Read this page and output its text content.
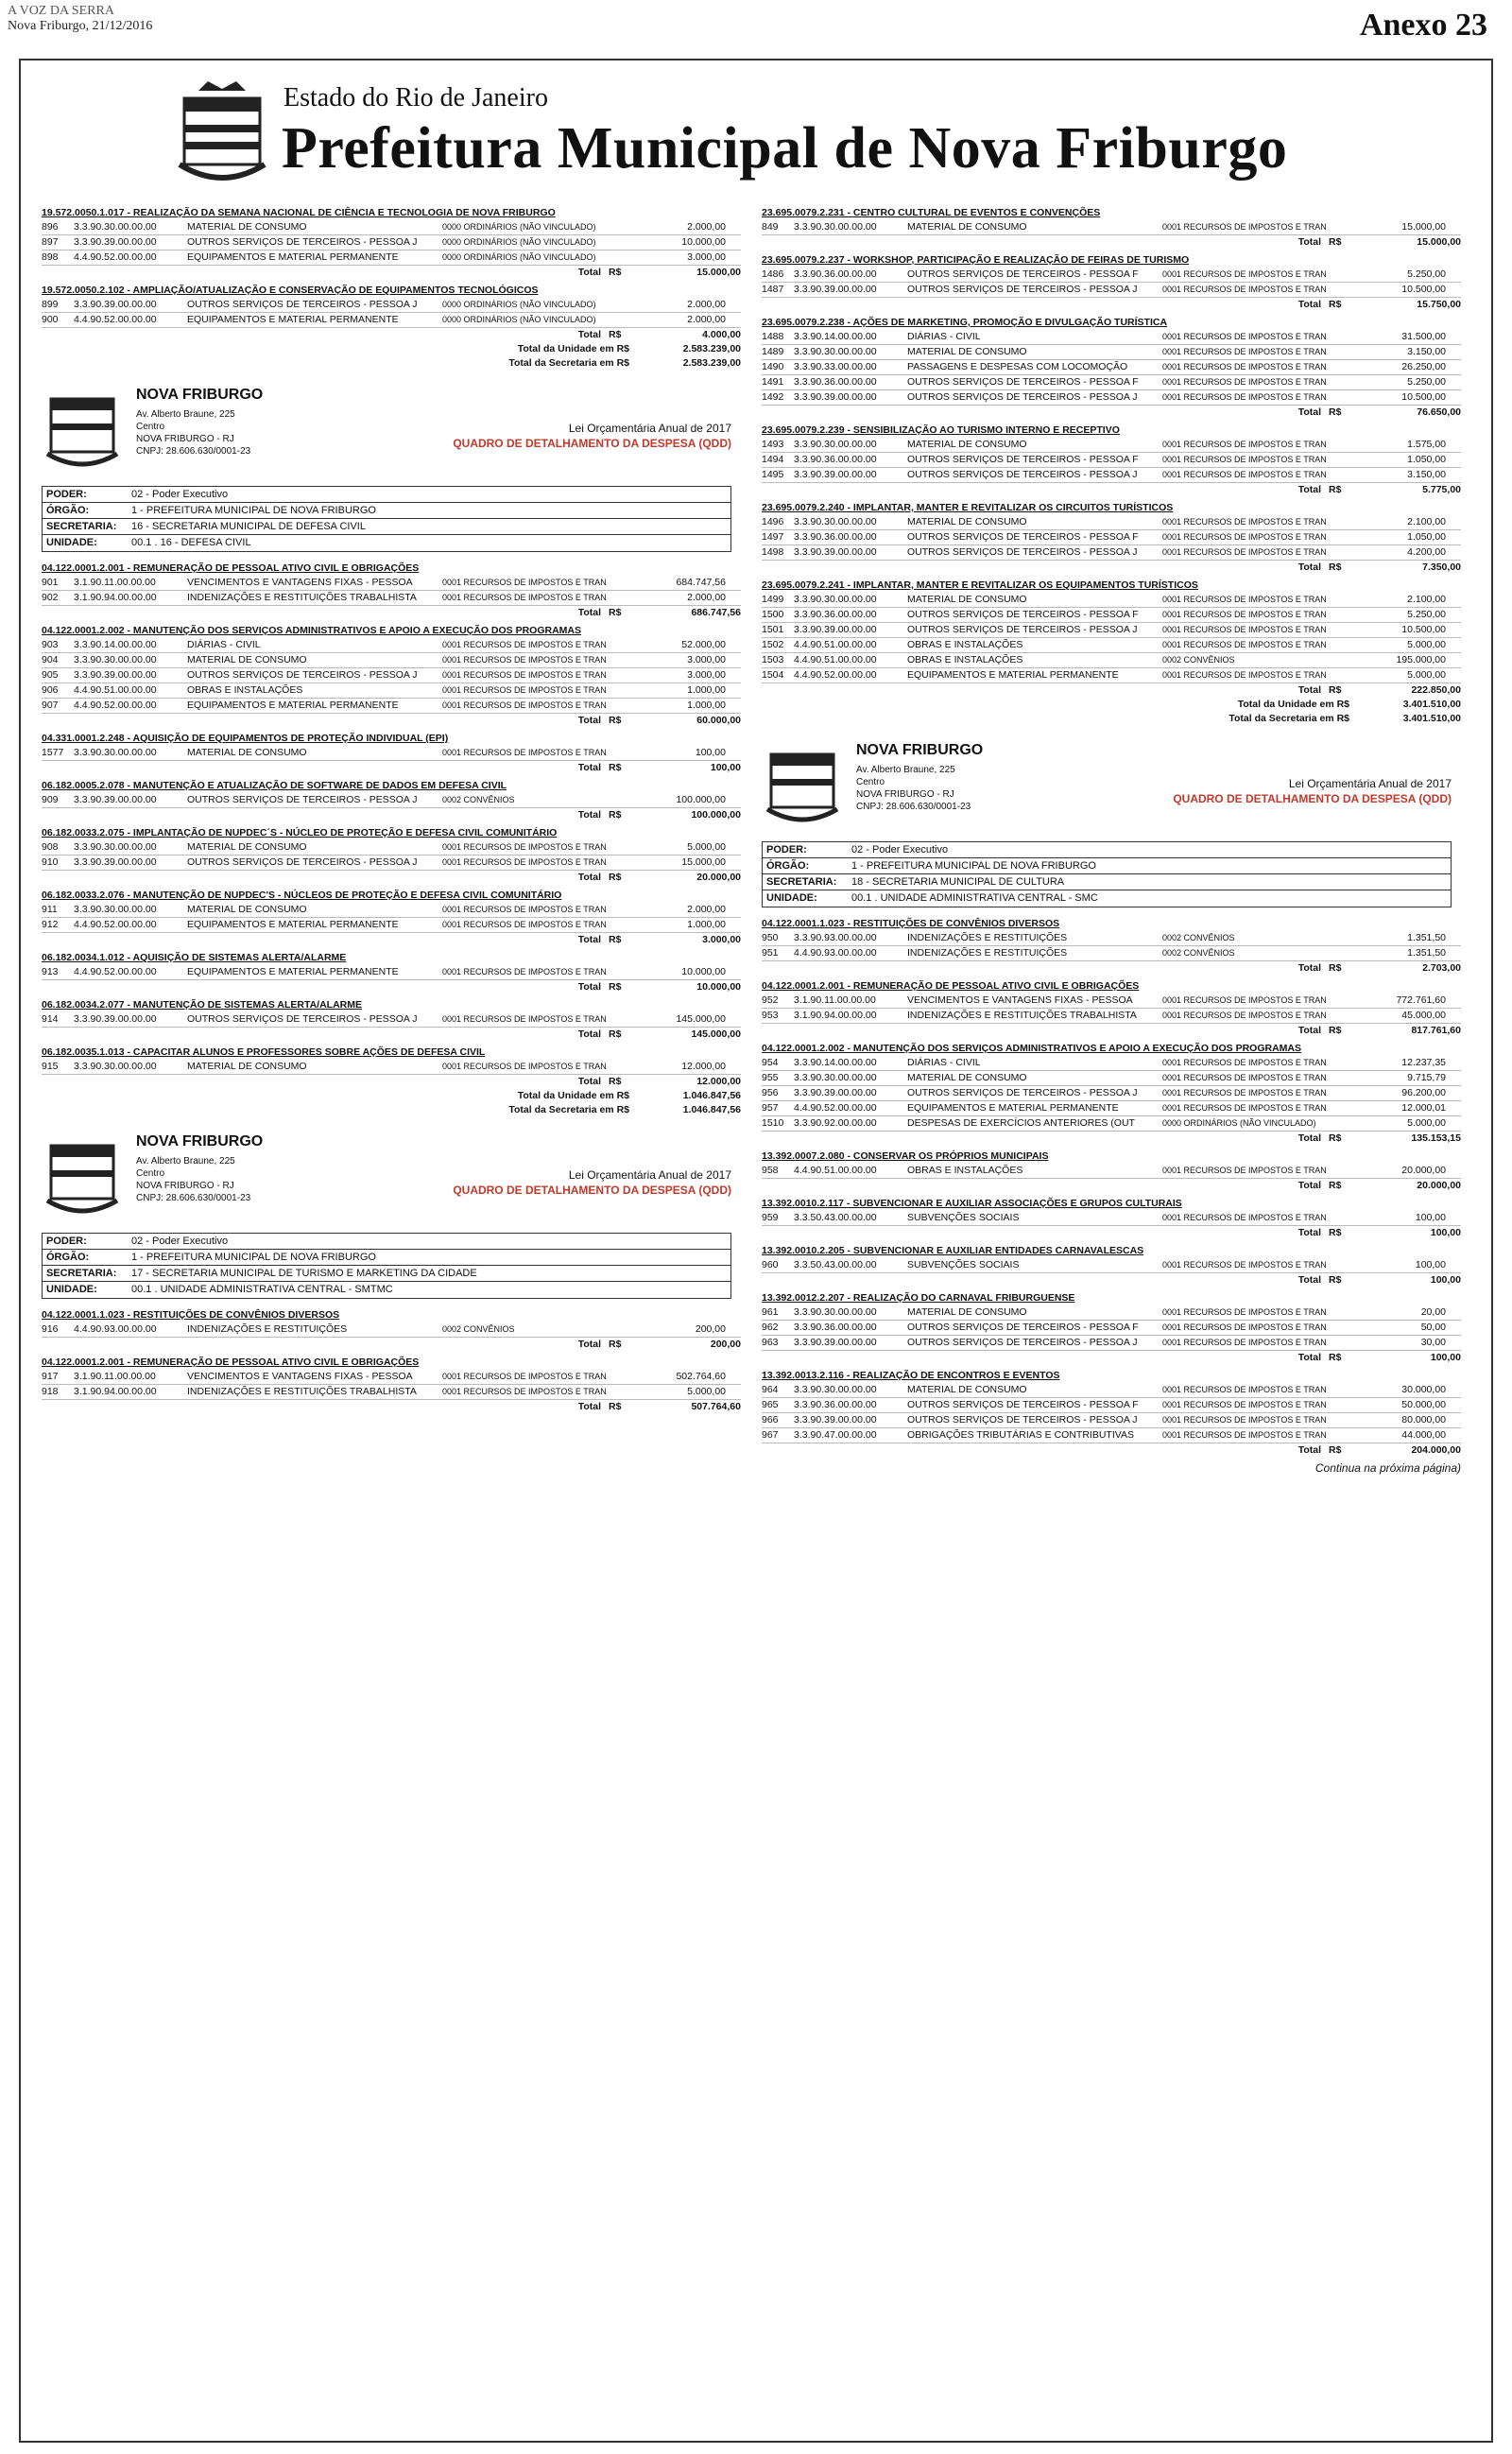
A VOZ DA SERRA
Nova Friburgo, 21/12/2016	Anexo 23
Estado do Rio de Janeiro
Prefeitura Municipal de Nova Friburgo
19.572.0050.1.017 - REALIZAÇÃO DA SEMANA NACIONAL DE CIÊNCIA E TECNOLOGIA DE NOVA FRIBURGO
896	3.3.90.30.00.00.00	MATERIAL DE CONSUMO	0000 ORDINÁRIOS (NÃO VINCULADO)	2.000,00
897	3.3.90.39.00.00.00	OUTROS SERVIÇOS DE TERCEIROS - PESSOA J	0000 ORDINÁRIOS (NÃO VINCULADO)	10.000,00
898	4.4.90.52.00.00.00	EQUIPAMENTOS E MATERIAL PERMANENTE	0000 ORDINÁRIOS (NÃO VINCULADO)	3.000,00
Total R$	15.000,00
19.572.0050.2.102 - AMPLIAÇÃO/ATUALIZAÇÃO E CONSERVAÇÃO DE EQUIPAMENTOS TECNOLÓGICOS
899	3.3.90.39.00.00.00	OUTROS SERVIÇOS DE TERCEIROS - PESSOA J	0000 ORDINÁRIOS (NÃO VINCULADO)	2.000,00
900	4.4.90.52.00.00.00	EQUIPAMENTOS E MATERIAL PERMANENTE	0000 ORDINÁRIOS (NÃO VINCULADO)	2.000,00
Total R$	4.000,00
Total da Unidade em R$	2.583.239,00
Total da Secretaria em R$	2.583.239,00
NOVA FRIBURGO
Av. Alberto Braune, 225
Centro
NOVA FRIBURGO - RJ
CNPJ: 28.606.630/0001-23
Lei Orçamentária Anual de 2017
QUADRO DE DETALHAMENTO DA DESPESA (QDD)
PODER:	02 - Poder Executivo
ÓRGÃO:	1 - PREFEITURA MUNICIPAL DE NOVA FRIBURGO
SECRETARIA: 16 - SECRETARIA MUNICIPAL DE DEFESA CIVIL
UNIDADE:	00.1 . 16 - DEFESA CIVIL
04.122.0001.2.001 - REMUNERAÇÃO DE PESSOAL ATIVO CIVIL E OBRIGAÇÕES
901	3.1.90.11.00.00.00	VENCIMENTOS E VANTAGENS FIXAS - PESSOA	0001 RECURSOS DE IMPOSTOS E TRAN	684.747,56
902	3.1.90.94.00.00.00	INDENIZAÇÕES E RESTITUIÇÕES TRABALHISTA	0001 RECURSOS DE IMPOSTOS E TRAN	2.000,00
Total R$	686.747,56
04.122.0001.2.002 - MANUTENÇÃO DOS SERVIÇOS ADMINISTRATIVOS E APOIO A EXECUÇÃO DOS PROGRAMAS
903	3.3.90.14.00.00.00	DIÁRIAS - CIVIL	0001 RECURSOS DE IMPOSTOS E TRAN	52.000,00
904	3.3.90.30.00.00.00	MATERIAL DE CONSUMO	0001 RECURSOS DE IMPOSTOS E TRAN	3.000,00
905	3.3.90.39.00.00.00	OUTROS SERVIÇOS DE TERCEIROS - PESSOA J	0001 RECURSOS DE IMPOSTOS E TRAN	3.000,00
906	4.4.90.51.00.00.00	OBRAS E INSTALAÇÕES	0001 RECURSOS DE IMPOSTOS E TRAN	1.000,00
907	4.4.90.52.00.00.00	EQUIPAMENTOS E MATERIAL PERMANENTE	0001 RECURSOS DE IMPOSTOS E TRAN	1.000,00
Total R$	60.000,00
04.331.0001.2.248 - AQUISIÇÃO DE EQUIPAMENTOS DE PROTEÇÃO INDIVIDUAL (EPI)
1577	3.3.90.30.00.00.00	MATERIAL DE CONSUMO	0001 RECURSOS DE IMPOSTOS E TRAN	100,00
Total R$	100,00
06.182.0005.2.078 - MANUTENÇÃO E ATUALIZAÇÃO DE SOFTWARE DE DADOS EM DEFESA CIVIL
909	3.3.90.39.00.00.00	OUTROS SERVIÇOS DE TERCEIROS - PESSOA J	0002 CONVÊNIOS	100.000,00
Total R$	100.000,00
06.182.0033.2.075 - IMPLANTAÇÃO DE NUPDEC´S - NÚCLEO DE PROTEÇÃO E DEFESA CIVIL COMUNITÁRIO
908	3.3.90.30.00.00.00	MATERIAL DE CONSUMO	0001 RECURSOS DE IMPOSTOS E TRAN	5.000,00
910	3.3.90.39.00.00.00	OUTROS SERVIÇOS DE TERCEIROS - PESSOA J	0001 RECURSOS DE IMPOSTOS E TRAN	15.000,00
Total R$	20.000,00
06.182.0033.2.076 - MANUTENÇÃO DE NUPDEC'S - NÚCLEOS DE PROTEÇÃO E DEFESA CIVIL COMUNITÁRIO
911	3.3.90.30.00.00.00	MATERIAL DE CONSUMO	0001 RECURSOS DE IMPOSTOS E TRAN	2.000,00
912	4.4.90.52.00.00.00	EQUIPAMENTOS E MATERIAL PERMANENTE	0001 RECURSOS DE IMPOSTOS E TRAN	1.000,00
Total R$	3.000,00
06.182.0034.1.012 - AQUISIÇÃO DE SISTEMAS ALERTA/ALARME
913	4.4.90.52.00.00.00	EQUIPAMENTOS E MATERIAL PERMANENTE	0001 RECURSOS DE IMPOSTOS E TRAN	10.000,00
Total R$	10.000,00
06.182.0034.2.077 - MANUTENÇÃO DE SISTEMAS ALERTA/ALARME
914	3.3.90.39.00.00.00	OUTROS SERVIÇOS DE TERCEIROS - PESSOA J	0001 RECURSOS DE IMPOSTOS E TRAN	145.000,00
Total R$	145.000,00
06.182.0035.1.013 - CAPACITAR ALUNOS E PROFESSORES SOBRE AÇÕES DE DEFESA CIVIL
915	3.3.90.30.00.00.00	MATERIAL DE CONSUMO	0001 RECURSOS DE IMPOSTOS E TRAN	12.000,00
Total R$	12.000,00
Total da Unidade em R$	1.046.847,56
Total da Secretaria em R$	1.046.847,56
NOVA FRIBURGO
Av. Alberto Braune, 225
Centro
NOVA FRIBURGO - RJ
CNPJ: 28.606.630/0001-23
Lei Orçamentária Anual de 2017
QUADRO DE DETALHAMENTO DA DESPESA (QDD)
PODER:	02 - Poder Executivo
ÓRGÃO:	1 - PREFEITURA MUNICIPAL DE NOVA FRIBURGO
SECRETARIA: 17 - SECRETARIA MUNICIPAL DE TURISMO E MARKETING DA CIDADE
UNIDADE:	00.1 . UNIDADE ADMINISTRATIVA CENTRAL - SMTMC
04.122.0001.1.023 - RESTITUIÇÕES DE CONVÊNIOS DIVERSOS
916	4.4.90.93.00.00.00	INDENIZAÇÕES E RESTITUIÇÕES	0002 CONVÊNIOS	200,00
Total R$	200,00
04.122.0001.2.001 - REMUNERAÇÃO DE PESSOAL ATIVO CIVIL E OBRIGAÇÕES
917	3.1.90.11.00.00.00	VENCIMENTOS E VANTAGENS FIXAS - PESSOA	0001 RECURSOS DE IMPOSTOS E TRAN	502.764,60
918	3.1.90.94.00.00.00	INDENIZAÇÕES E RESTITUIÇÕES TRABALHISTA	0001 RECURSOS DE IMPOSTOS E TRAN	5.000,00
Total R$	507.764,60
23.695.0079.2.231 - CENTRO CULTURAL DE EVENTOS E CONVENÇÕES
849	3.3.90.30.00.00.00	MATERIAL DE CONSUMO	0001 RECURSOS DE IMPOSTOS E TRAN	15.000,00
Total R$	15.000,00
23.695.0079.2.237 - WORKSHOP, PARTICIPAÇÃO E REALIZAÇÃO DE FEIRAS DE TURISMO
1486	3.3.90.36.00.00.00	OUTROS SERVIÇOS DE TERCEIROS - PESSOA F	0001 RECURSOS DE IMPOSTOS E TRAN	5.250,00
1487	3.3.90.39.00.00.00	OUTROS SERVIÇOS DE TERCEIROS - PESSOA J	0001 RECURSOS DE IMPOSTOS E TRAN	10.500,00
Total R$	15.750,00
23.695.0079.2.238 - AÇÕES DE MARKETING, PROMOÇÃO E DIVULGAÇÃO TURÍSTICA
1488	3.3.90.14.00.00.00	DIÁRIAS - CIVIL	0001 RECURSOS DE IMPOSTOS E TRAN	31.500,00
1489	3.3.90.30.00.00.00	MATERIAL DE CONSUMO	0001 RECURSOS DE IMPOSTOS E TRAN	3.150,00
1490	3.3.90.33.00.00.00	PASSAGENS E DESPESAS COM LOCOMOÇÃO	0001 RECURSOS DE IMPOSTOS E TRAN	26.250,00
1491	3.3.90.36.00.00.00	OUTROS SERVIÇOS DE TERCEIROS - PESSOA F	0001 RECURSOS DE IMPOSTOS E TRAN	5.250,00
1492	3.3.90.39.00.00.00	OUTROS SERVIÇOS DE TERCEIROS - PESSOA J	0001 RECURSOS DE IMPOSTOS E TRAN	10.500,00
Total R$	76.650,00
23.695.0079.2.239 - SENSIBILIZAÇÃO AO TURISMO INTERNO E RECEPTIVO
1493	3.3.90.30.00.00.00	MATERIAL DE CONSUMO	0001 RECURSOS DE IMPOSTOS E TRAN	1.575,00
1494	3.3.90.36.00.00.00	OUTROS SERVIÇOS DE TERCEIROS - PESSOA F	0001 RECURSOS DE IMPOSTOS E TRAN	1.050,00
1495	3.3.90.39.00.00.00	OUTROS SERVIÇOS DE TERCEIROS - PESSOA J	0001 RECURSOS DE IMPOSTOS E TRAN	3.150,00
Total R$	5.775,00
23.695.0079.2.240 - IMPLANTAR, MANTER E REVITALIZAR OS CIRCUITOS TURÍSTICOS
1496	3.3.90.30.00.00.00	MATERIAL DE CONSUMO	0001 RECURSOS DE IMPOSTOS E TRAN	2.100,00
1497	3.3.90.36.00.00.00	OUTROS SERVIÇOS DE TERCEIROS - PESSOA F	0001 RECURSOS DE IMPOSTOS E TRAN	1.050,00
1498	3.3.90.39.00.00.00	OUTROS SERVIÇOS DE TERCEIROS - PESSOA J	0001 RECURSOS DE IMPOSTOS E TRAN	4.200,00
Total R$	7.350,00
23.695.0079.2.241 - IMPLANTAR, MANTER E REVITALIZAR OS EQUIPAMENTOS TURÍSTICOS
1499	3.3.90.30.00.00.00	MATERIAL DE CONSUMO	0001 RECURSOS DE IMPOSTOS E TRAN	2.100,00
1500	3.3.90.36.00.00.00	OUTROS SERVIÇOS DE TERCEIROS - PESSOA F	0001 RECURSOS DE IMPOSTOS E TRAN	5.250,00
1501	3.3.90.39.00.00.00	OUTROS SERVIÇOS DE TERCEIROS - PESSOA J	0001 RECURSOS DE IMPOSTOS E TRAN	10.500,00
1502	4.4.90.51.00.00.00	OBRAS E INSTALAÇÕES	0001 RECURSOS DE IMPOSTOS E TRAN	5.000,00
1503	4.4.90.51.00.00.00	OBRAS E INSTALAÇÕES	0002 CONVÊNIOS	195.000,00
1504	4.4.90.52.00.00.00	EQUIPAMENTOS E MATERIAL PERMANENTE	0001 RECURSOS DE IMPOSTOS E TRAN	5.000,00
Total R$	222.850,00
Total da Unidade em R$	3.401.510,00
Total da Secretaria em R$	3.401.510,00
NOVA FRIBURGO
Av. Alberto Braune, 225
Centro
NOVA FRIBURGO - RJ
CNPJ: 28.606.630/0001-23
Lei Orçamentária Anual de 2017
QUADRO DE DETALHAMENTO DA DESPESA (QDD)
PODER:	02 - Poder Executivo
ÓRGÃO:	1 - PREFEITURA MUNICIPAL DE NOVA FRIBURGO
SECRETARIA: 18 - SECRETARIA MUNICIPAL DE CULTURA
UNIDADE:	00.1 . UNIDADE ADMINISTRATIVA CENTRAL - SMC
04.122.0001.1.023 - RESTITUIÇÕES DE CONVÊNIOS DIVERSOS
950	3.3.90.93.00.00.00	INDENIZAÇÕES E RESTITUIÇÕES	0002 CONVÊNIOS	1.351,50
951	4.4.90.93.00.00.00	INDENIZAÇÕES E RESTITUIÇÕES	0002 CONVÊNIOS	1.351,50
Total R$	2.703,00
04.122.0001.2.001 - REMUNERAÇÃO DE PESSOAL ATIVO CIVIL E OBRIGAÇÕES
952	3.1.90.11.00.00.00	VENCIMENTOS E VANTAGENS FIXAS - PESSOA	0001 RECURSOS DE IMPOSTOS E TRAN	772.761,60
953	3.1.90.94.00.00.00	INDENIZAÇÕES E RESTITUIÇÕES TRABALHISTA	0001 RECURSOS DE IMPOSTOS E TRAN	45.000,00
Total R$	817.761,60
04.122.0001.2.002 - MANUTENÇÃO DOS SERVIÇOS ADMINISTRATIVOS E APOIO A EXECUÇÃO DOS PROGRAMAS
954	3.3.90.14.00.00.00	DIÁRIAS - CIVIL	0001 RECURSOS DE IMPOSTOS E TRAN	12.237,35
955	3.3.90.30.00.00.00	MATERIAL DE CONSUMO	0001 RECURSOS DE IMPOSTOS E TRAN	9.715,79
956	3.3.90.39.00.00.00	OUTROS SERVIÇOS DE TERCEIROS - PESSOA J	0001 RECURSOS DE IMPOSTOS E TRAN	96.200,00
957	4.4.90.52.00.00.00	EQUIPAMENTOS E MATERIAL PERMANENTE	0001 RECURSOS DE IMPOSTOS E TRAN	12.000,01
1510	3.3.90.92.00.00.00	DESPESAS DE EXERCÍCIOS ANTERIORES (OUT	0000 ORDINÁRIOS (NÃO VINCULADO)	5.000,00
Total R$	135.153,15
13.392.0007.2.080 - CONSERVAR OS PRÓPRIOS MUNICIPAIS
958	4.4.90.51.00.00.00	OBRAS E INSTALAÇÕES	0001 RECURSOS DE IMPOSTOS E TRAN	20.000,00
Total R$	20.000,00
13.392.0010.2.117 - SUBVENCIONAR E AUXILIAR ASSOCIAÇÕES E GRUPOS CULTURAIS
959	3.3.50.43.00.00.00	SUBVENÇÕES SOCIAIS	0001 RECURSOS DE IMPOSTOS E TRAN	100,00
Total R$	100,00
13.392.0010.2.205 - SUBVENCIONAR E AUXILIAR ENTIDADES CARNAVALESCAS
960	3.3.50.43.00.00.00	SUBVENÇÕES SOCIAIS	0001 RECURSOS DE IMPOSTOS E TRAN	100,00
Total R$	100,00
13.392.0012.2.207 - REALIZAÇÃO DO CARNAVAL FRIBURGUENSE
961	3.3.90.30.00.00.00	MATERIAL DE CONSUMO	0001 RECURSOS DE IMPOSTOS E TRAN	20,00
962	3.3.90.36.00.00.00	OUTROS SERVIÇOS DE TERCEIROS - PESSOA F	0001 RECURSOS DE IMPOSTOS E TRAN	50,00
963	3.3.90.39.00.00.00	OUTROS SERVIÇOS DE TERCEIROS - PESSOA J	0001 RECURSOS DE IMPOSTOS E TRAN	30,00
Total R$	100,00
13.392.0013.2.116 - REALIZAÇÃO DE ENCONTROS E EVENTOS
964	3.3.90.30.00.00.00	MATERIAL DE CONSUMO	0001 RECURSOS DE IMPOSTOS E TRAN	30.000,00
965	3.3.90.36.00.00.00	OUTROS SERVIÇOS DE TERCEIROS - PESSOA F	0001 RECURSOS DE IMPOSTOS E TRAN	50.000,00
966	3.3.90.39.00.00.00	OUTROS SERVIÇOS DE TERCEIROS - PESSOA J	0001 RECURSOS DE IMPOSTOS E TRAN	80.000,00
967	3.3.90.47.00.00.00	OBRIGAÇÕES TRIBUTÁRIAS E CONTRIBUTIVAS	0001 RECURSOS DE IMPOSTOS E TRAN	44.000,00
Total R$	204.000,00
Continua na próxima página)
